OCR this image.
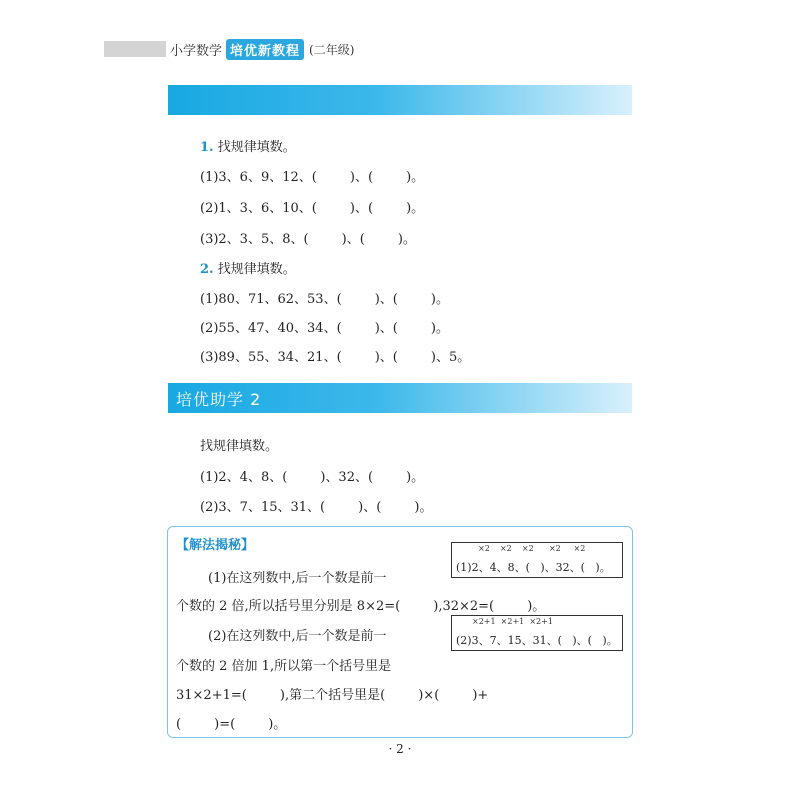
小学数学 培优新教程 (二年级)
1. 找规律填数。
(1)3、6、9、12、(        )、(        )。
(2)1、3、6、10、(        )、(        )。
(3)2、3、5、8、(        )、(        )。
2. 找规律填数。
(1)80、71、62、53、(        )、(        )。
(2)55、47、40、34、(        )、(        )。
(3)89、55、34、21、(        )、(        )、5。
培优助学 2
找规律填数。
(1)2、4、8、(        )、32、(        )。
(2)3、7、15、31、(        )、(        )。
【解法揭秘】
(1)在这列数中,后一个数是前一
个数的 2 倍,所以括号里分别是 8×2=(        ),32×2=(        )。
(2)在这列数中,后一个数是前一
个数的 2 倍加 1,所以第一个括号里是
31×2+1=(        ),第二个括号里是(        )×(        )+
(        )=(        )。
×2    ×2    ×2      ×2     ×2
(1)2、4、8、(   )、32、(   )。
×2+1  ×2+1  ×2+1
(2)3、7、15、31、(   )、(   )。
· 2 ·
